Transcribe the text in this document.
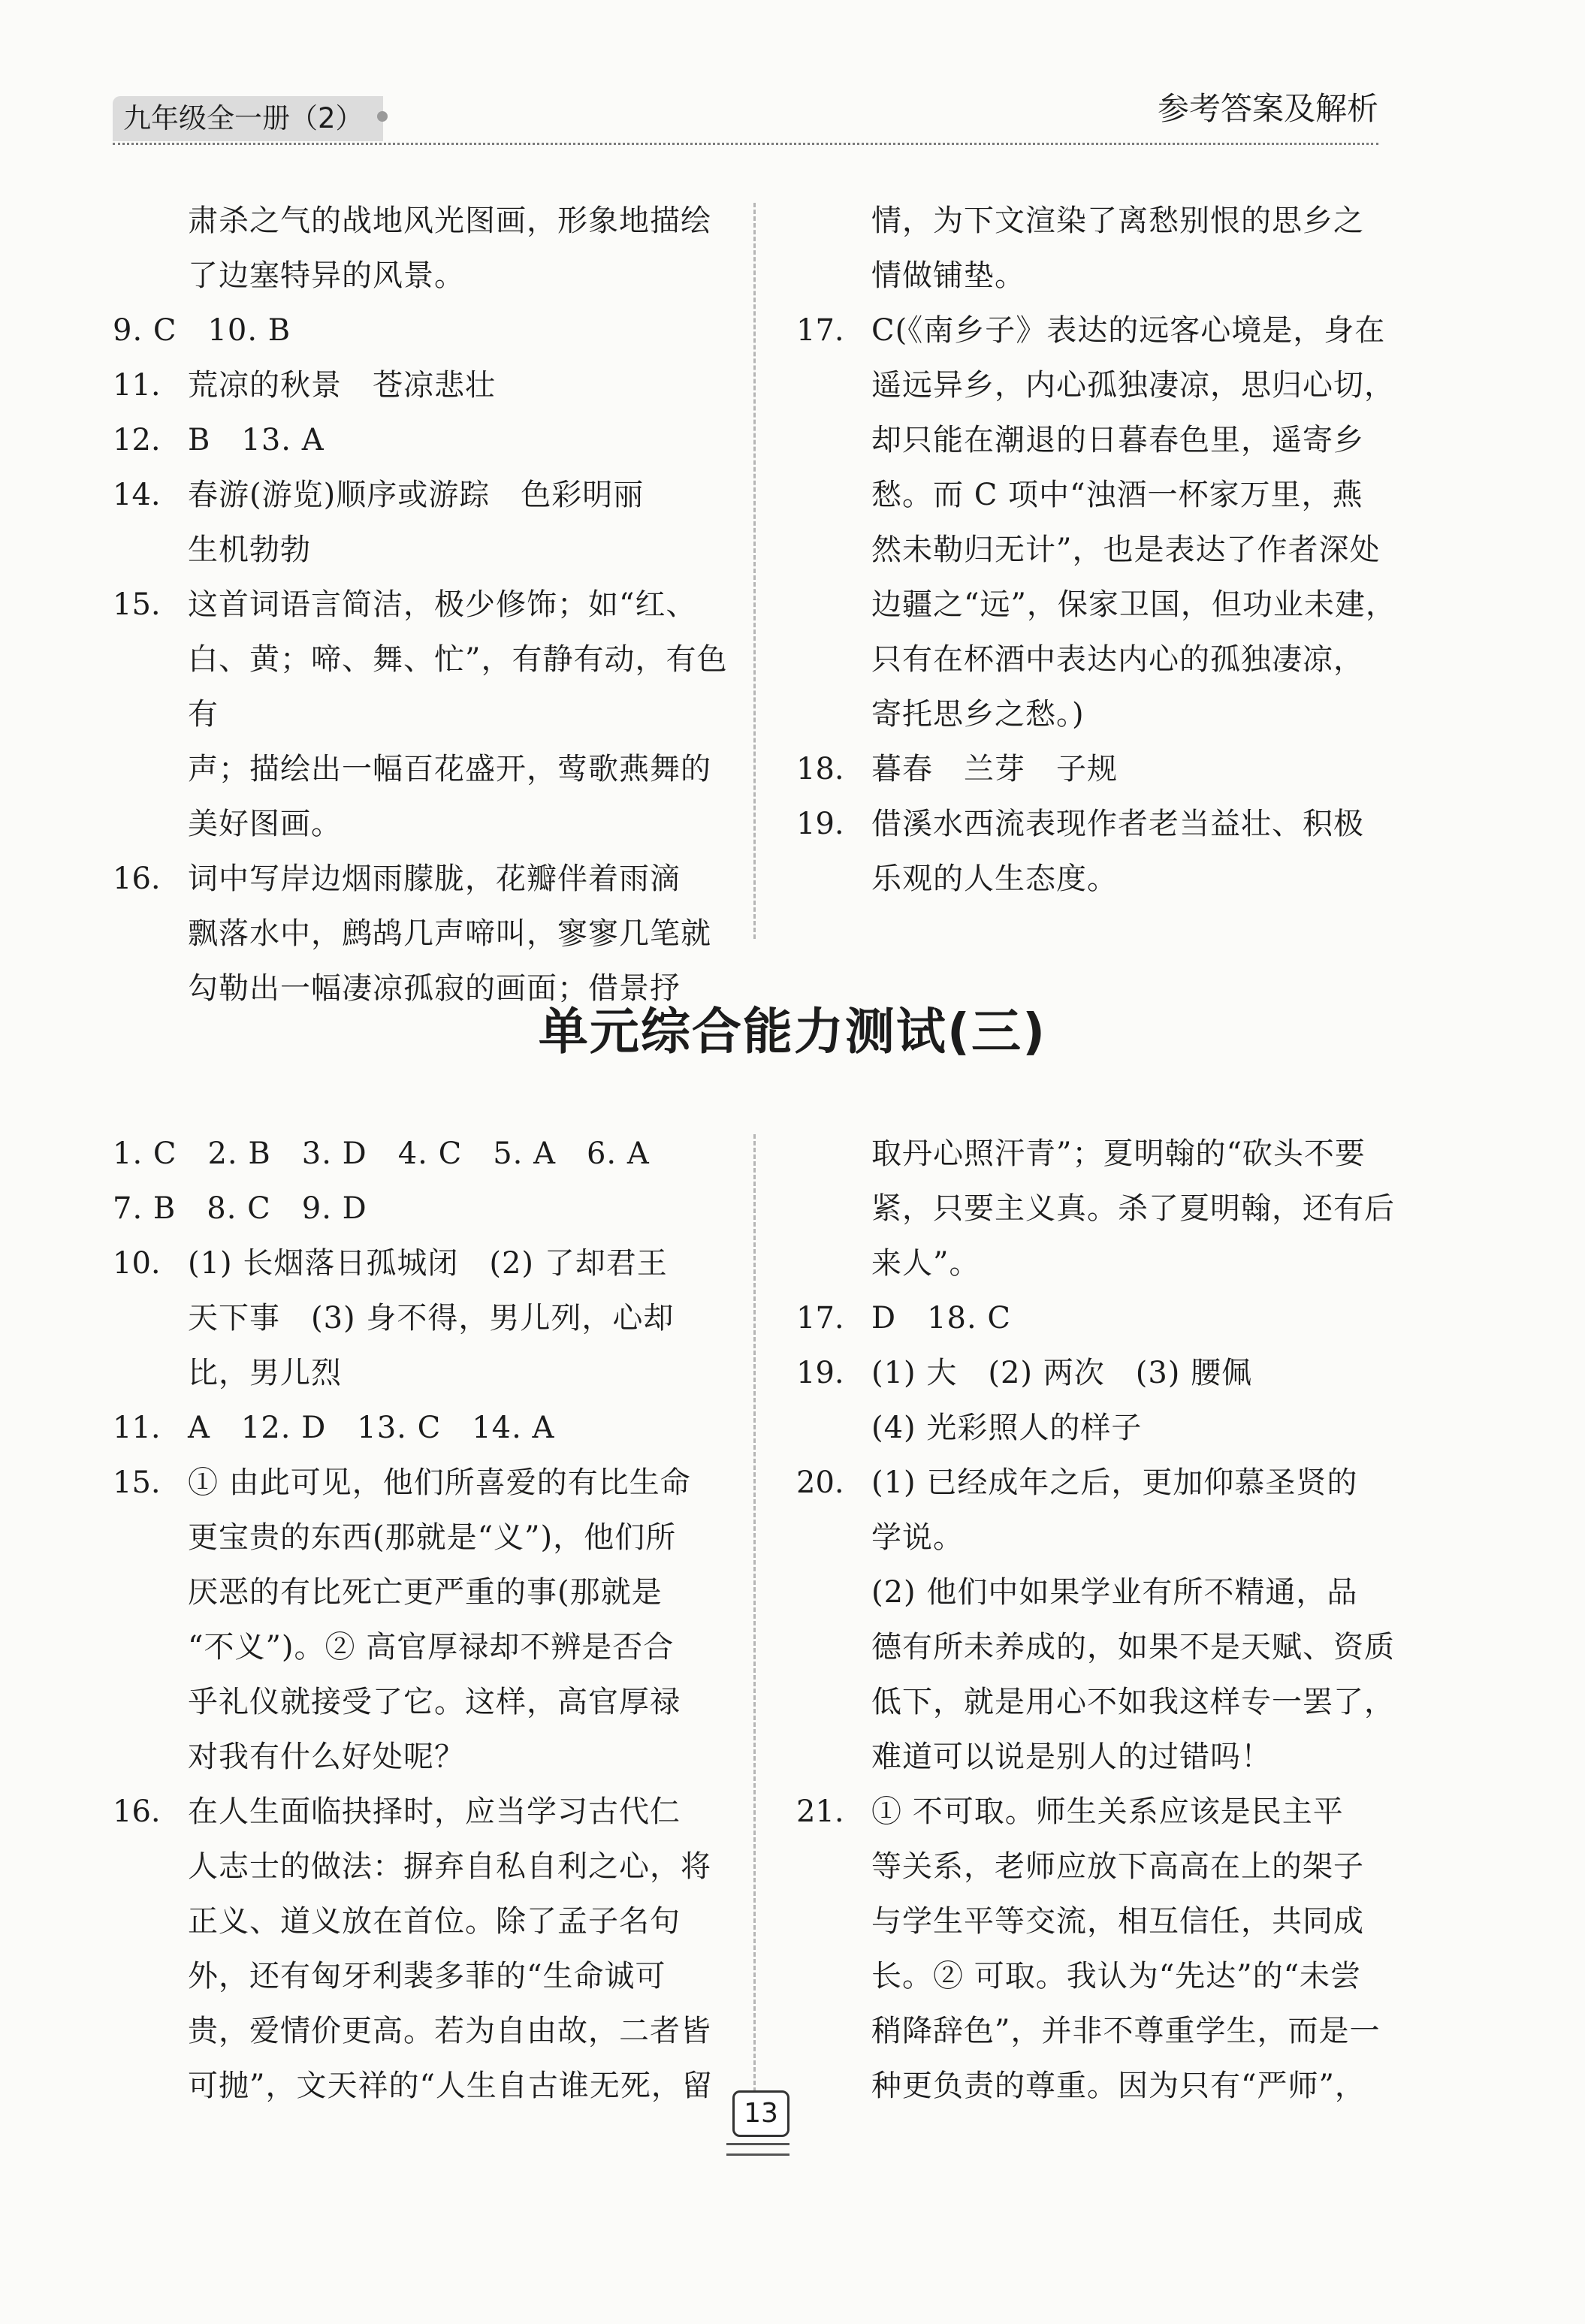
九年级全一册（2）	参考答案及解析
肃杀之气的战地风光图画，形象地描绘
了边塞特异的风景。
9. C　10. B
11. 荒凉的秋景　苍凉悲壮
12. B　13. A
14. 春游(游览)顺序或游踪　色彩明丽
生机勃勃
15. 这首词语言简洁，极少修饰；如“红、
白、黄；啼、舞、忙”，有静有动，有色有
声；描绘出一幅百花盛开，莺歌燕舞的
美好图画。
16. 词中写岸边烟雨朦胧，花瓣伴着雨滴
飘落水中，鹧鸪几声啼叫，寥寥几笔就
勾勒出一幅凄凉孤寂的画面；借景抒
情，为下文渲染了离愁别恨的思乡之
情做铺垫。
17. C(《南乡子》表达的远客心境是，身在
遥远异乡，内心孤独凄凉，思归心切，
却只能在潮退的日暮春色里，遥寄乡
愁。而 C 项中“浊酒一杯家万里，燕
然未勒归无计”，也是表达了作者深处
边疆之“远”，保家卫国，但功业未建，
只有在杯酒中表达内心的孤独凄凉，
寄托思乡之愁。)
18. 暮春　兰芽　子规
19. 借溪水西流表现作者老当益壮、积极
乐观的人生态度。
单元综合能力测试(三)
1. C　2. B　3. D　4. C　5. A　6. A
7. B　8. C　9. D
10. (1) 长烟落日孤城闭　(2) 了却君王
天下事　(3) 身不得，男儿列，心却
比，男儿烈
11. A　12. D　13. C　14. A
15. ① 由此可见，他们所喜爱的有比生命
更宝贵的东西(那就是“义”)，他们所
厌恶的有比死亡更严重的事(那就是
“不义”)。② 高官厚禄却不辨是否合
乎礼仪就接受了它。这样，高官厚禄
对我有什么好处呢？
16. 在人生面临抉择时，应当学习古代仁
人志士的做法：摒弃自私自利之心，将
正义、道义放在首位。除了孟子名句
外，还有匈牙利裴多菲的“生命诚可
贵，爱情价更高。若为自由故，二者皆
可抛”，文天祥的“人生自古谁无死，留
取丹心照汗青”；夏明翰的“砍头不要
紧，只要主义真。杀了夏明翰，还有后
来人”。
17. D　18. C
19. (1) 大　(2) 两次　(3) 腰佩
(4) 光彩照人的样子
20. (1) 已经成年之后，更加仰慕圣贤的
学说。
(2) 他们中如果学业有所不精通，品
德有所未养成的，如果不是天赋、资质
低下，就是用心不如我这样专一罢了，
难道可以说是别人的过错吗！
21. ① 不可取。师生关系应该是民主平
等关系，老师应放下高高在上的架子
与学生平等交流，相互信任，共同成
长。② 可取。我认为“先达”的“未尝
稍降辞色”，并非不尊重学生，而是一
种更负责的尊重。因为只有“严师”，
13
